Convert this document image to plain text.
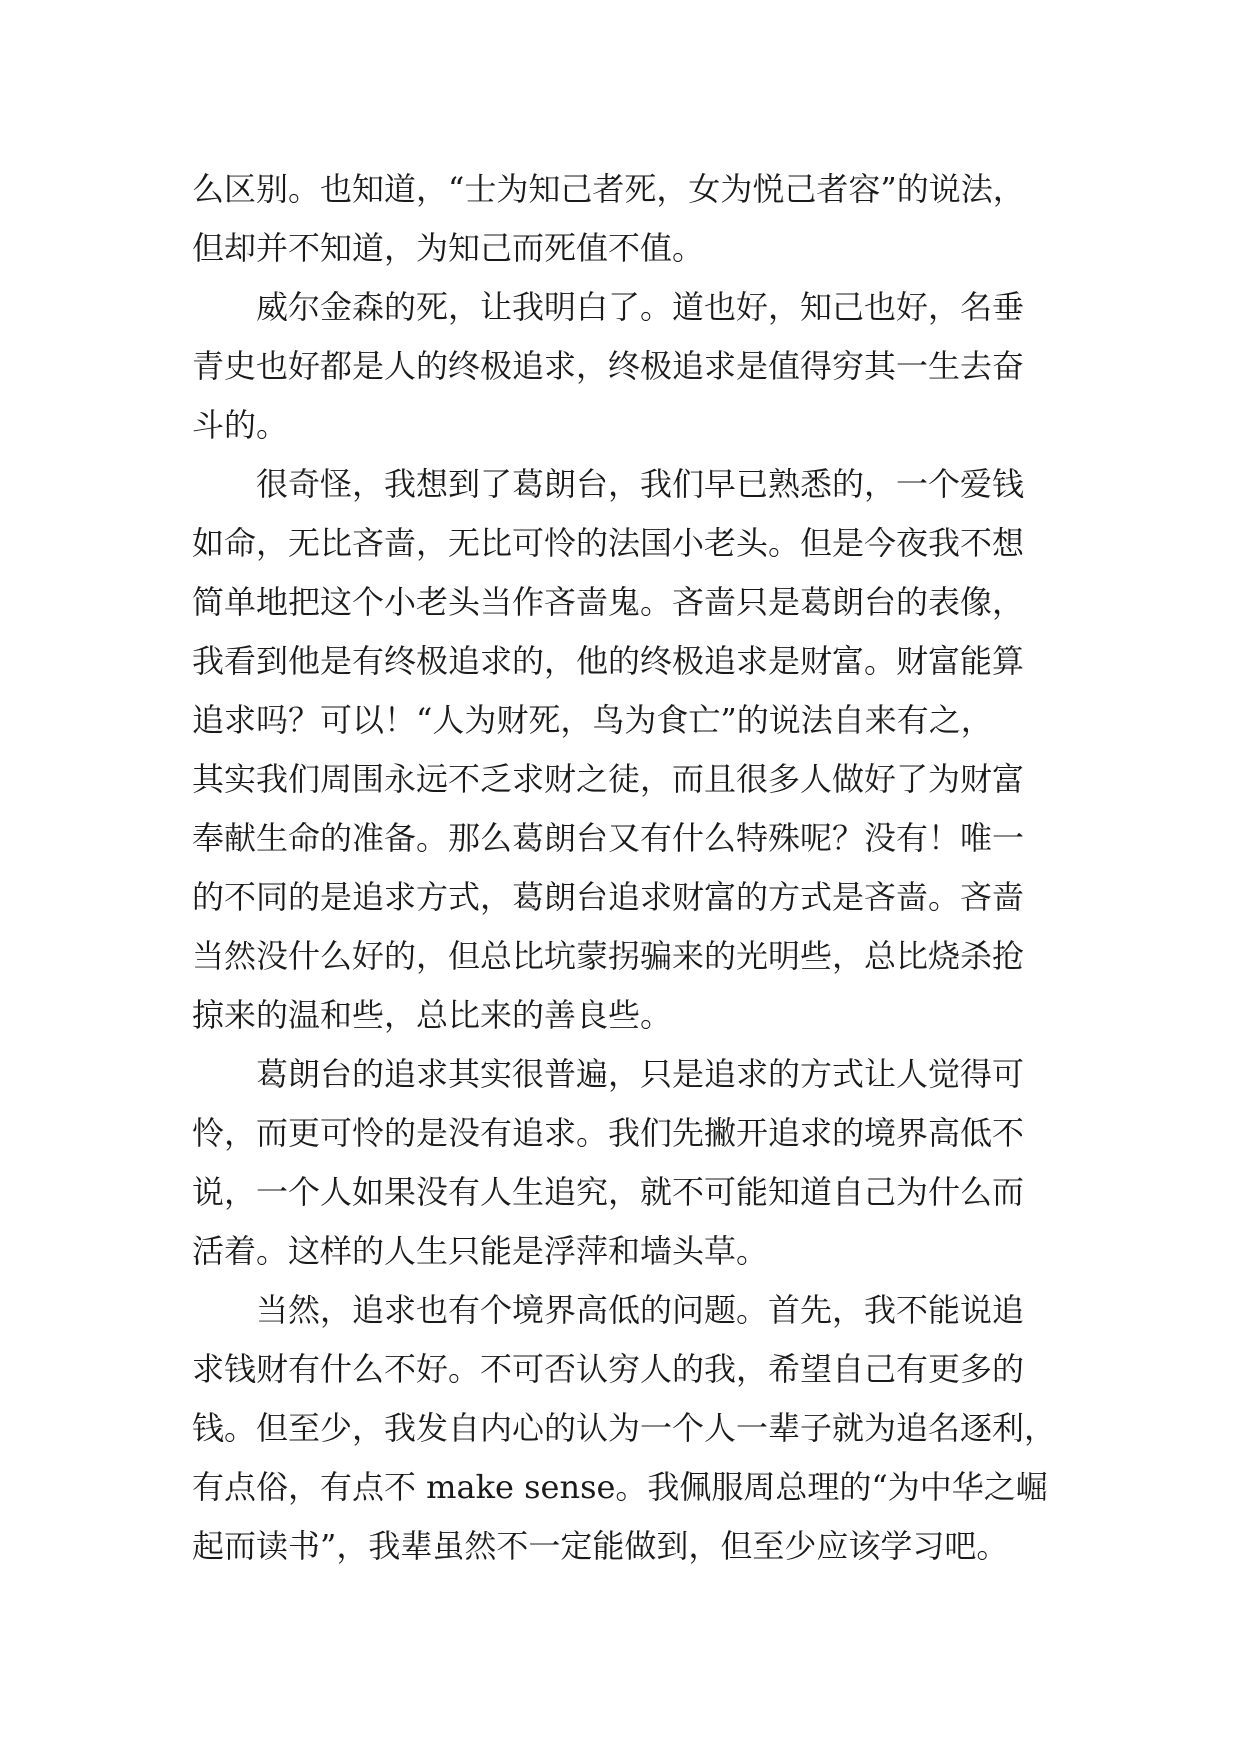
么区别。也知道，“士为知己者死，女为悦己者容”的说法，
但却并不知道，为知己而死值不值。
威尔金森的死，让我明白了。道也好，知己也好，名垂
青史也好都是人的终极追求，终极追求是值得穷其一生去奋
斗的。
很奇怪，我想到了葛朗台，我们早已熟悉的，一个爱钱
如命，无比吝啬，无比可怜的法国小老头。但是今夜我不想
简单地把这个小老头当作吝啬鬼。吝啬只是葛朗台的表像，
我看到他是有终极追求的，他的终极追求是财富。财富能算
追求吗？可以！“人为财死，鸟为食亡”的说法自来有之，
其实我们周围永远不乏求财之徒，而且很多人做好了为财富
奉献生命的准备。那么葛朗台又有什么特殊呢？没有！唯一
的不同的是追求方式，葛朗台追求财富的方式是吝啬。吝啬
当然没什么好的，但总比坑蒙拐骗来的光明些，总比烧杀抢
掠来的温和些，总比来的善良些。
葛朗台的追求其实很普遍，只是追求的方式让人觉得可
怜，而更可怜的是没有追求。我们先撇开追求的境界高低不
说，一个人如果没有人生追究，就不可能知道自己为什么而
活着。这样的人生只能是浮萍和墙头草。
当然，追求也有个境界高低的问题。首先，我不能说追
求钱财有什么不好。不可否认穷人的我，希望自己有更多的
钱。但至少，我发自内心的认为一个人一辈子就为追名逐利，
有点俗，有点不 make sense。我佩服周总理的“为中华之崛
起而读书”，我辈虽然不一定能做到，但至少应该学习吧。
